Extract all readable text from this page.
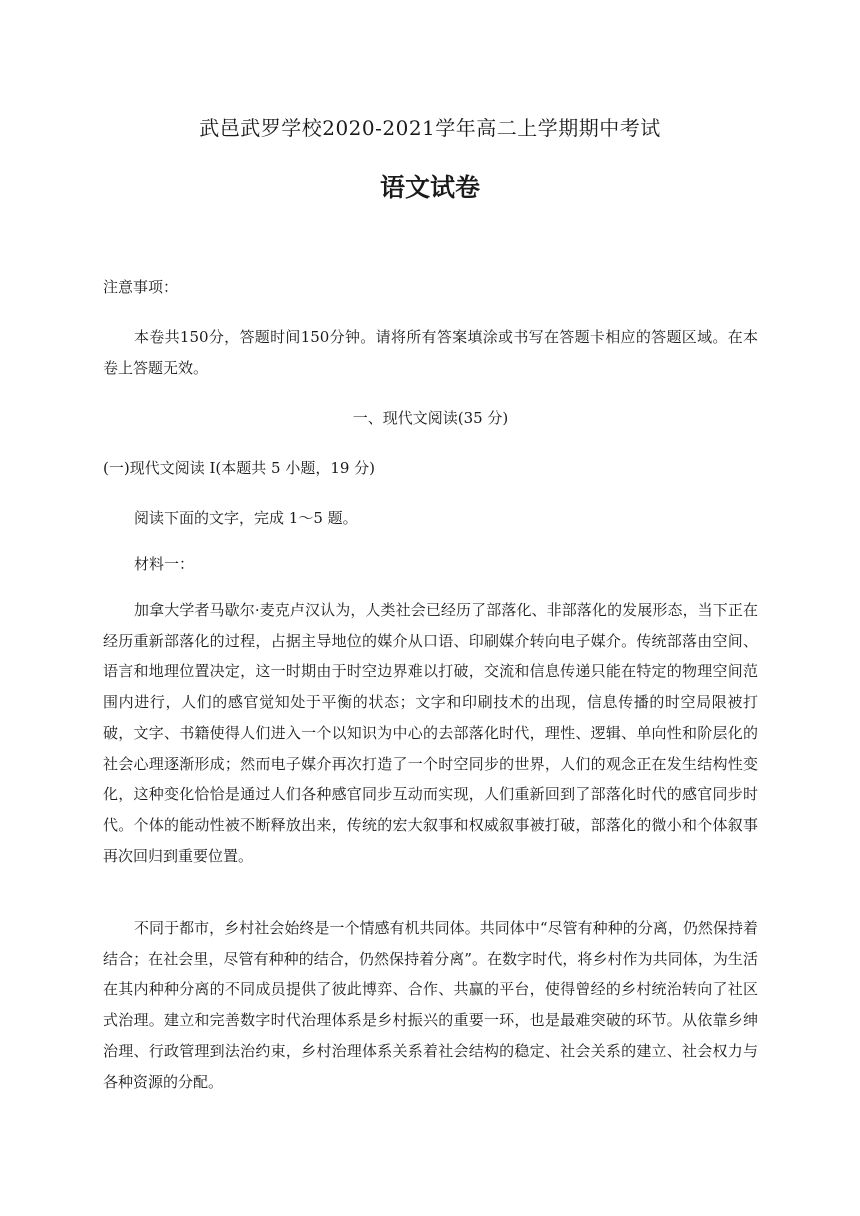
武邑武罗学校2020-2021学年高二上学期期中考试
语文试卷
注意事项：
本卷共150分，答题时间150分钟。请将所有答案填涂或书写在答题卡相应的答题区域。在本卷上答题无效。
一、现代文阅读(35 分)
(一)现代文阅读 I(本题共 5 小题，19 分)
阅读下面的文字，完成 1～5 题。
材料一：
加拿大学者马歇尔·麦克卢汉认为，人类社会已经历了部落化、非部落化的发展形态，当下正在经历重新部落化的过程，占据主导地位的媒介从口语、印刷媒介转向电子媒介。传统部落由空间、语言和地理位置决定，这一时期由于时空边界难以打破，交流和信息传递只能在特定的物理空间范围内进行，人们的感官觉知处于平衡的状态；文字和印刷技术的出现，信息传播的时空局限被打破，文字、书籍使得人们进入一个以知识为中心的去部落化时代，理性、逻辑、单向性和阶层化的社会心理逐渐形成；然而电子媒介再次打造了一个时空同步的世界，人们的观念正在发生结构性变化，这种变化恰恰是通过人们各种感官同步互动而实现，人们重新回到了部落化时代的感官同步时代。个体的能动性被不断释放出来，传统的宏大叙事和权威叙事被打破，部落化的微小和个体叙事再次回归到重要位置。
不同于都市，乡村社会始终是一个情感有机共同体。共同体中“尽管有种种的分离，仍然保持着结合；在社会里，尽管有种种的结合，仍然保持着分离”。在数字时代，将乡村作为共同体，为生活在其内种种分离的不同成员提供了彼此博弈、合作、共赢的平台，使得曾经的乡村统治转向了社区式治理。建立和完善数字时代治理体系是乡村振兴的重要一环，也是最难突破的环节。从依靠乡绅治理、行政管理到法治约束，乡村治理体系关系着社会结构的稳定、社会关系的建立、社会权力与各种资源的分配。
